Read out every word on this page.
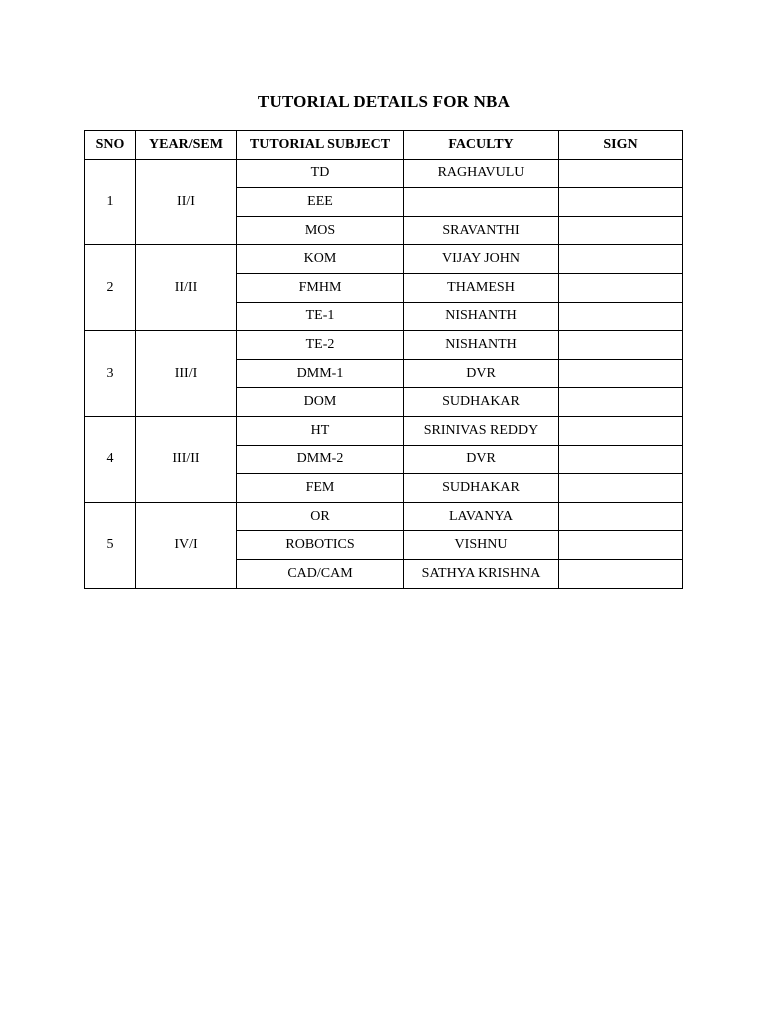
TUTORIAL DETAILS FOR NBA
SNO	YEAR/SEM	TUTORIAL SUBJECT	FACULTY	SIGN
1	II/I	TD	RAGHAVULU	
		EEE		
		MOS	SRAVANTHI	
2	II/II	KOM	VIJAY JOHN	
		FMHM	THAMESH	
		TE-1	NISHANTH	
3	III/I	TE-2	NISHANTH	
		DMM-1	DVR	
		DOM	SUDHAKAR	
4	III/II	HT	SRINIVAS REDDY	
		DMM-2	DVR	
		FEM	SUDHAKAR	
5	IV/I	OR	LAVANYA	
		ROBOTICS	VISHNU	
		CAD/CAM	SATHYA KRISHNA	
